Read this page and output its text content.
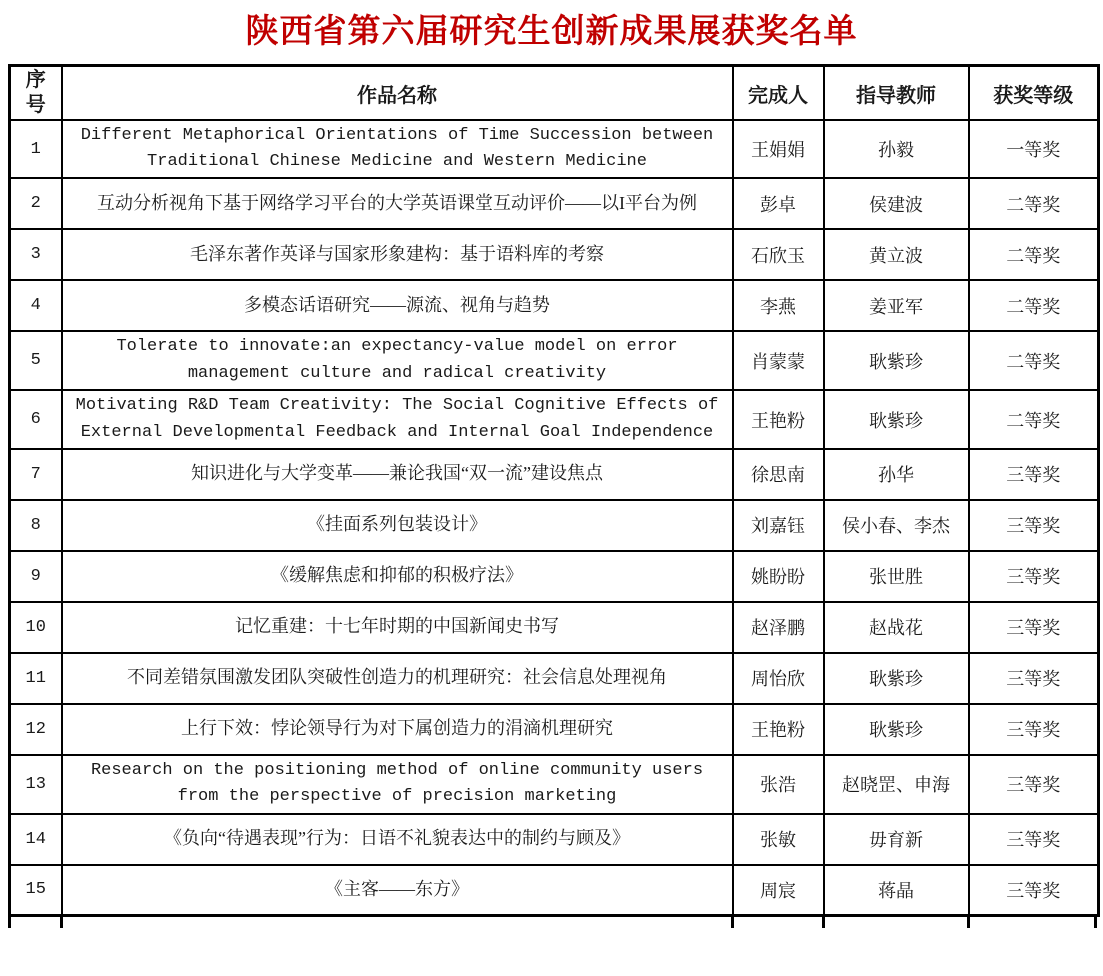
陕西省第六届研究生创新成果展获奖名单
序号	作品名称	完成人	指导教师	获奖等级
1	Different Metaphorical Orientations of Time Succession between Traditional Chinese Medicine and Western Medicine	王娟娟	孙毅	一等奖
2	互动分析视角下基于网络学习平台的大学英语课堂互动评价——以I平台为例	彭卓	侯建波	二等奖
3	毛泽东著作英译与国家形象建构：基于语料库的考察	石欣玉	黄立波	二等奖
4	多模态话语研究——源流、视角与趋势	李燕	姜亚军	二等奖
5	Tolerate to innovate:an expectancy-value model on error management culture and radical creativity	肖蒙蒙	耿紫珍	二等奖
6	Motivating R&D Team Creativity: The Social Cognitive Effects of External Developmental Feedback and Internal Goal Independence	王艳粉	耿紫珍	二等奖
7	知识进化与大学变革——兼论我国“双一流”建设焦点	徐思南	孙华	三等奖
8	《挂面系列包装设计》	刘嘉钰	侯小春、李杰	三等奖
9	《缓解焦虑和抑郁的积极疗法》	姚盼盼	张世胜	三等奖
10	记忆重建：十七年时期的中国新闻史书写	赵泽鹏	赵战花	三等奖
11	不同差错氛围激发团队突破性创造力的机理研究：社会信息处理视角	周怡欣	耿紫珍	三等奖
12	上行下效：悖论领导行为对下属创造力的涓滴机理研究	王艳粉	耿紫珍	三等奖
13	Research on the positioning method of online community users from the perspective of precision marketing	张浩	赵晓罡、申海	三等奖
14	《负向“待遇表现”行为：日语不礼貌表达中的制约与顾及》	张敏	毋育新	三等奖
15	《主客——东方》	周宸	蒋晶	三等奖
